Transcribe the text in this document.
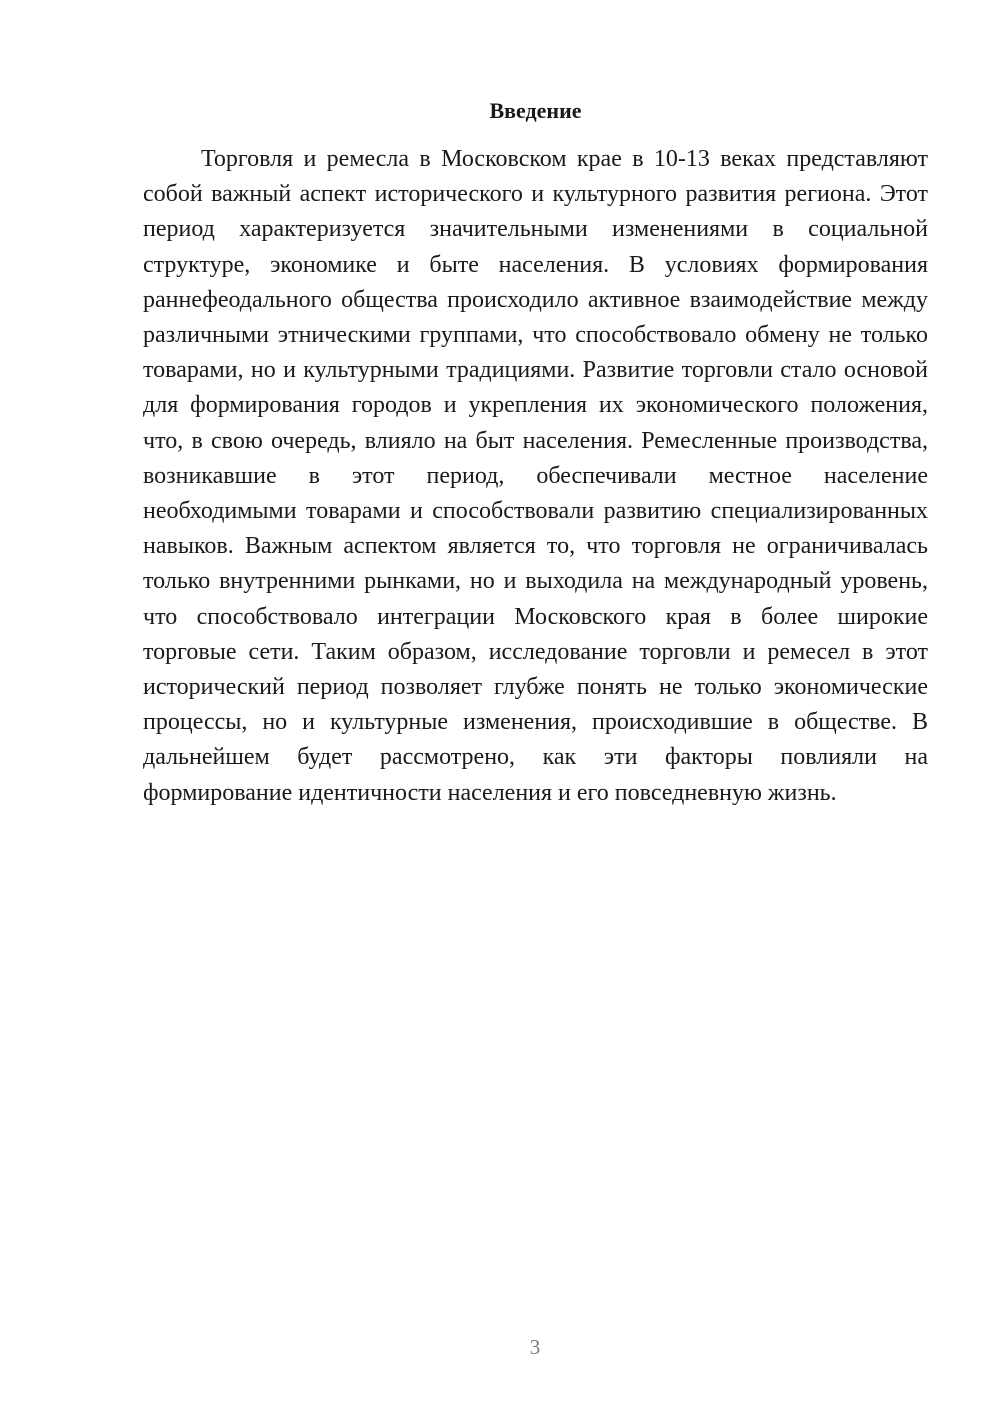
Введение

Торговля и ремесла в Московском крае в 10-13 веках представляют собой важный аспект исторического и культурного развития региона. Этот период характеризуется значительными изменениями в социальной структуре, экономике и быте населения. В условиях формирования раннефеодального общества происходило активное взаимодействие между различными этническими группами, что способствовало обмену не только товарами, но и культурными традициями. Развитие торговли стало основой для формирования городов и укрепления их экономического положения, что, в свою очередь, влияло на быт населения. Ремесленные производства, возникавшие в этот период, обеспечивали местное население необходимыми товарами и способствовали развитию специализированных навыков. Важным аспектом является то, что торговля не ограничивалась только внутренними рынками, но и выходила на международный уровень, что способствовало интеграции Московского края в более широкие торговые сети. Таким образом, исследование торговли и ремесел в этот исторический период позволяет глубже понять не только экономические процессы, но и культурные изменения, происходившие в обществе. В дальнейшем будет рассмотрено, как эти факторы повлияли на формирование идентичности населения и его повседневную жизнь.

3
